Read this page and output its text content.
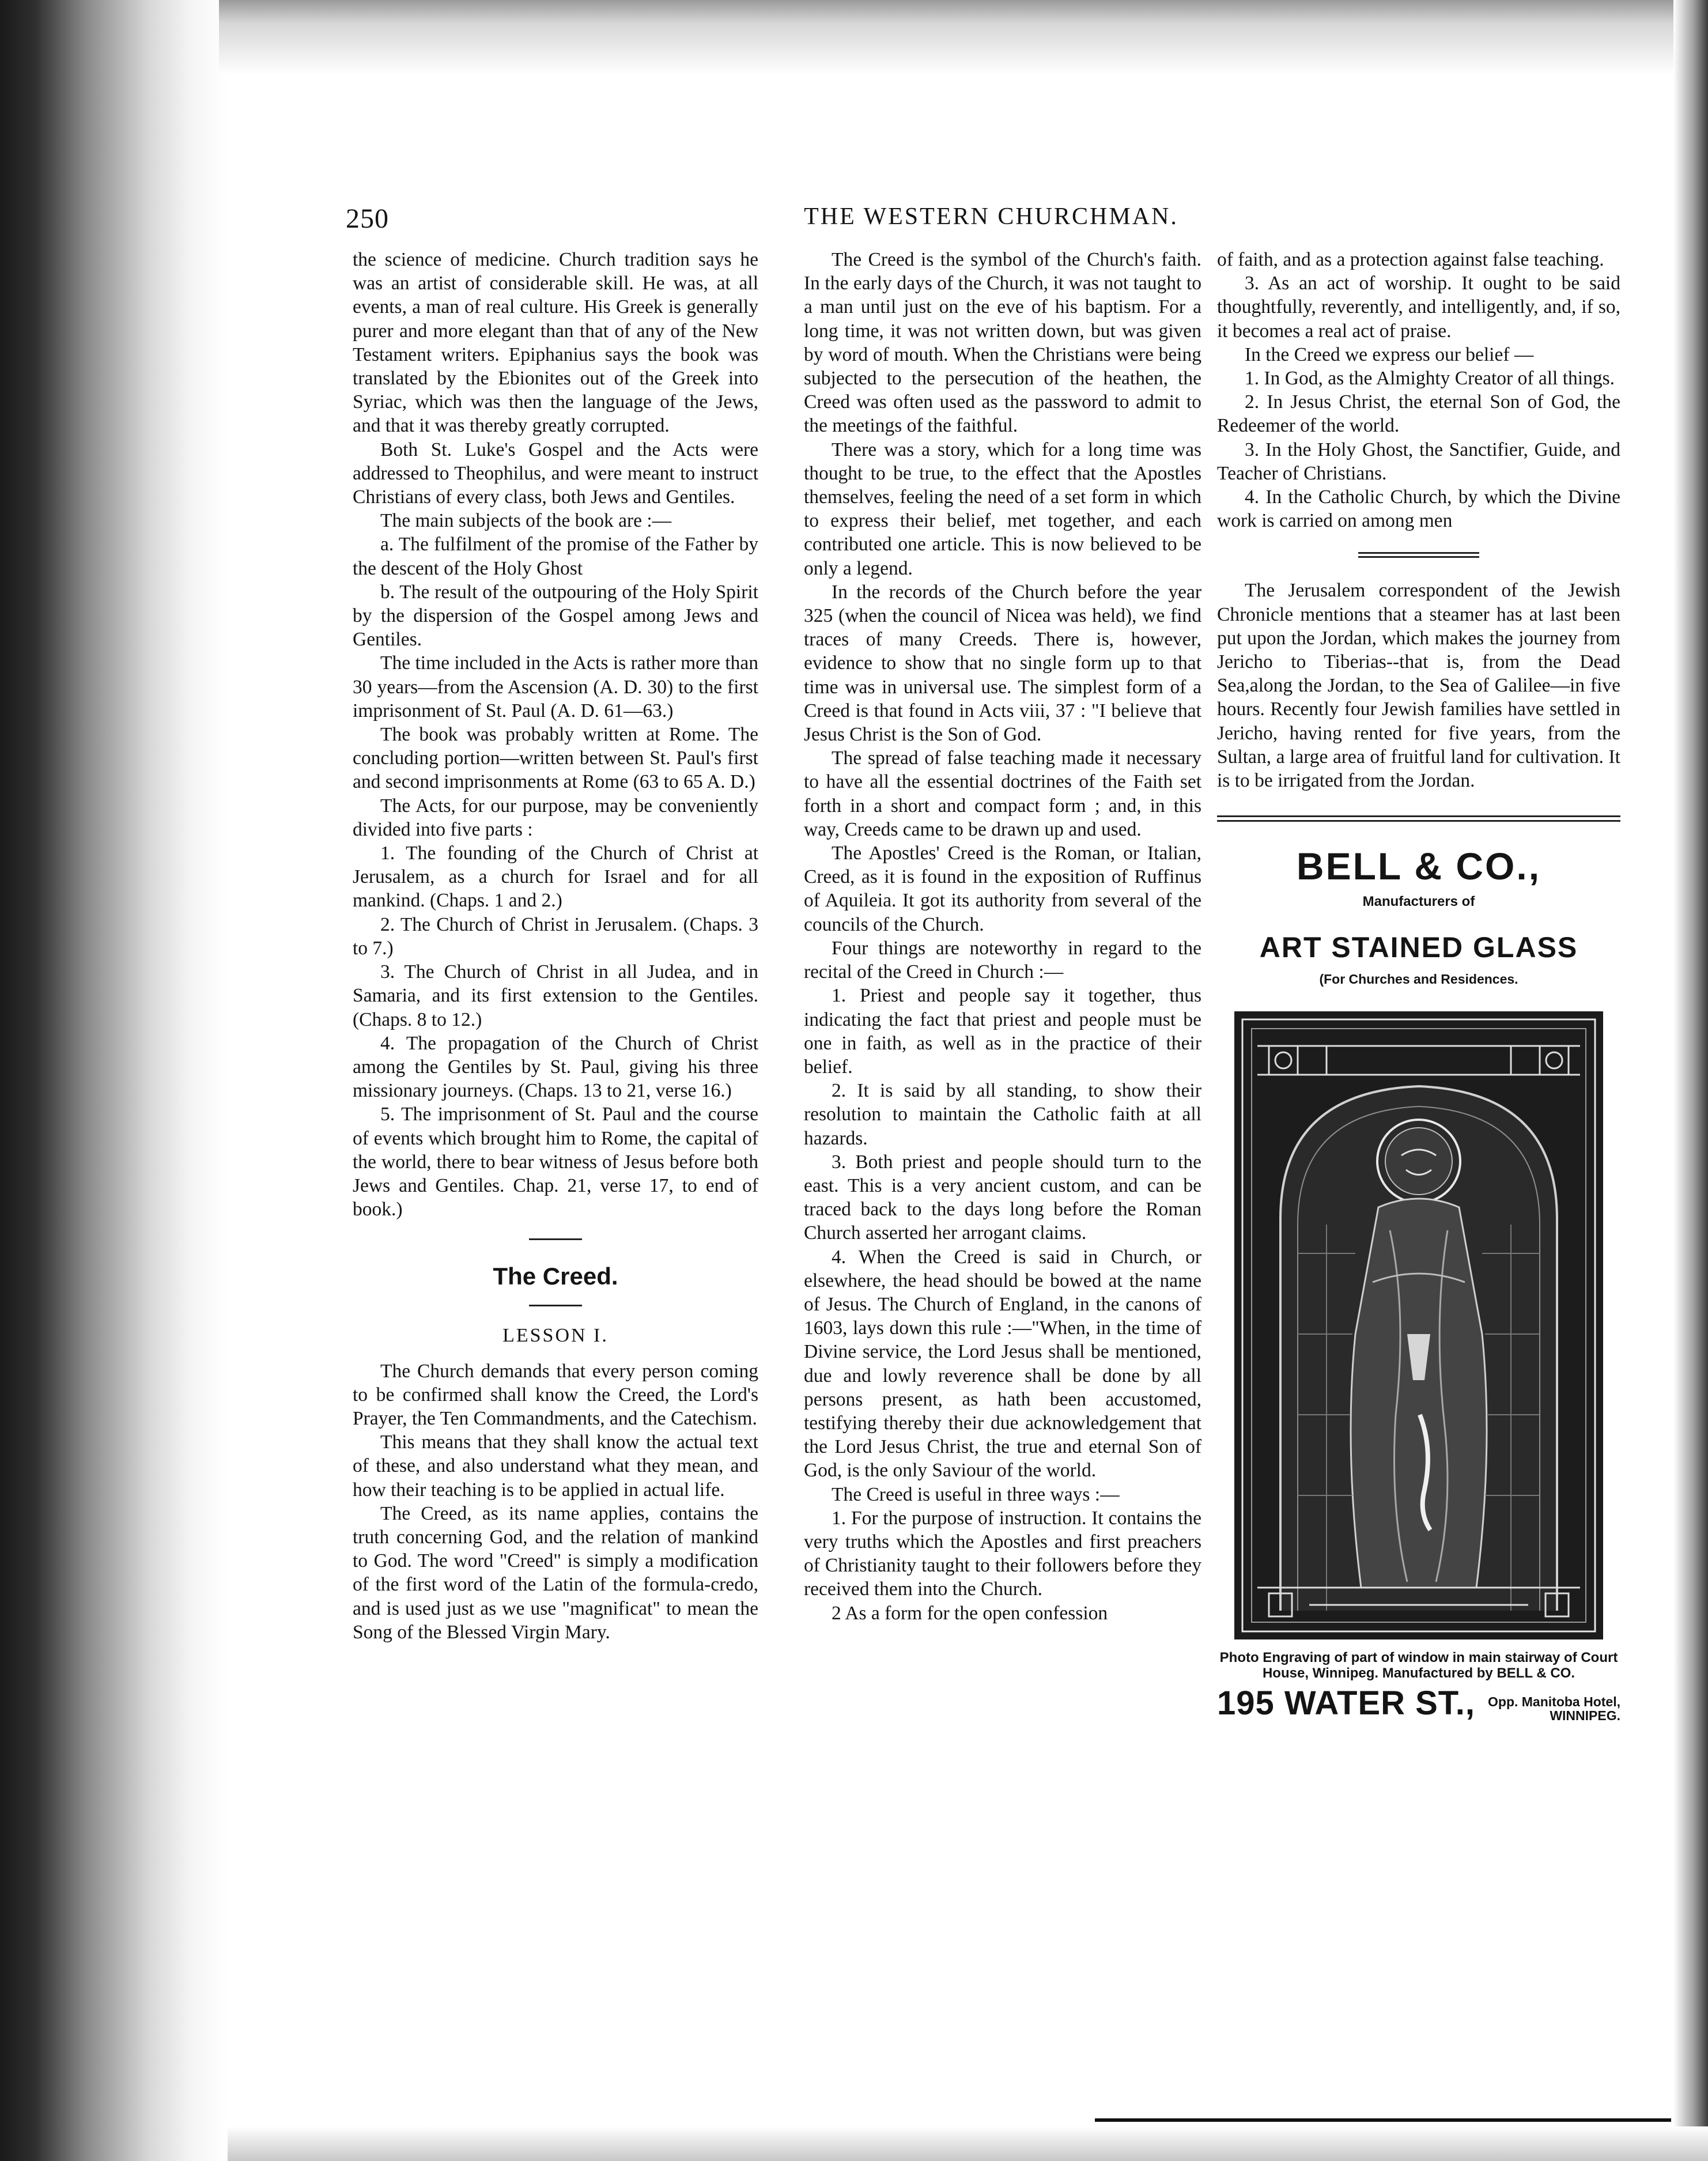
250	THE WESTERN CHURCHMAN.

the science of medicine. Church tradition says he was an artist of considerable skill. He was, at all events, a man of real culture. His Greek is generally purer and more elegant than that of any of the New Testament writers. Epiphanius says the book was translated by the Ebionites out of the Greek into Syriac, which was then the language of the Jews, and that it was thereby greatly corrupted.

Both St. Luke's Gospel and the Acts were addressed to Theophilus, and were meant to instruct Christians of every class, both Jews and Gentiles.

The main subjects of the book are :—

a. The fulfilment of the promise of the Father by the descent of the Holy Ghost

b. The result of the outpouring of the Holy Spirit by the dispersion of the Gospel among Jews and Gentiles.

The time included in the Acts is rather more than 30 years—from the Ascension (A. D. 30) to the first imprisonment of St. Paul (A. D. 61—63.)

The book was probably written at Rome. The concluding portion—written between St. Paul's first and second imprisonments at Rome (63 to 65 A. D.)

The Acts, for our purpose, may be conveniently divided into five parts :

1. The founding of the Church of Christ at Jerusalem, as a church for Israel and for all mankind. (Chaps. 1 and 2.)

2. The Church of Christ in Jerusalem. (Chaps. 3 to 7.)

3. The Church of Christ in all Judea, and in Samaria, and its first extension to the Gentiles. (Chaps. 8 to 12.)

4. The propagation of the Church of Christ among the Gentiles by St. Paul, giving his three missionary journeys. (Chaps. 13 to 21, verse 16.)

5. The imprisonment of St. Paul and the course of events which brought him to Rome, the capital of the world, there to bear witness of Jesus before both Jews and Gentiles. Chap. 21, verse 17, to end of book.)

The Creed.
LESSON I.

The Church demands that every person coming to be confirmed shall know the Creed, the Lord's Prayer, the Ten Commandments, and the Catechism.

This means that they shall know the actual text of these, and also understand what they mean, and how their teaching is to be applied in actual life.

The Creed, as its name applies, contains the truth concerning God, and the relation of mankind to God. The word "Creed" is simply a modification of the first word of the Latin of the formula-credo, and is used just as we use "magnificat" to mean the Song of the Blessed Virgin Mary.

The Creed is the symbol of the Church's faith. In the early days of the Church, it was not taught to a man until just on the eve of his baptism. For a long time, it was not written down, but was given by word of mouth. When the Christians were being subjected to the persecution of the heathen, the Creed was often used as the password to admit to the meetings of the faithful.

There was a story, which for a long time was thought to be true, to the effect that the Apostles themselves, feeling the need of a set form in which to express their belief, met together, and each contributed one article. This is now believed to be only a legend.

In the records of the Church before the year 325 (when the council of Nicea was held), we find traces of many Creeds. There is, however, evidence to show that no single form up to that time was in universal use. The simplest form of a Creed is that found in Acts viii, 37 : "I believe that Jesus Christ is the Son of God.

The spread of false teaching made it necessary to have all the essential doctrines of the Faith set forth in a short and compact form ; and, in this way, Creeds came to be drawn up and used.

The Apostles' Creed is the Roman, or Italian, Creed, as it is found in the exposition of Ruffinus of Aquileia. It got its authority from several of the councils of the Church.

Four things are noteworthy in regard to the recital of the Creed in Church :—

1. Priest and people say it together, thus indicating the fact that priest and people must be one in faith, as well as in the practice of their belief.

2. It is said by all standing, to show their resolution to maintain the Catholic faith at all hazards.

3. Both priest and people should turn to the east. This is a very ancient custom, and can be traced back to the days long before the Roman Church asserted her arrogant claims.

4. When the Creed is said in Church, or elsewhere, the head should be bowed at the name of Jesus. The Church of England, in the canons of 1603, lays down this rule :—"When, in the time of Divine service, the Lord Jesus shall be mentioned, due and lowly reverence shall be done by all persons present, as hath been accustomed, testifying thereby their due acknowledgement that the Lord Jesus Christ, the true and eternal Son of God, is the only Saviour of the world.

The Creed is useful in three ways :—

1. For the purpose of instruction. It contains the very truths which the Apostles and first preachers of Christianity taught to their followers before they received them into the Church.

2 As a form for the open confession

of faith, and as a protection against false teaching.

3. As an act of worship. It ought to be said thoughtfully, reverently, and intelligently, and, if so, it becomes a real act of praise.

In the Creed we express our belief —

1. In God, as the Almighty Creator of all things.

2. In Jesus Christ, the eternal Son of God, the Redeemer of the world.

3. In the Holy Ghost, the Sanctifier, Guide, and Teacher of Christians.

4. In the Catholic Church, by which the Divine work is carried on among men

The Jerusalem correspondent of the Jewish Chronicle mentions that a steamer has at last been put upon the Jordan, which makes the journey from Jericho to Tiberias--that is, from the Dead Sea,along the Jordan, to the Sea of Galilee—in five hours. Recently four Jewish families have settled in Jericho, having rented for five years, from the Sultan, a large area of fruitful land for cultivation. It is to be irrigated from the Jordan.

BELL & CO.,
Manufacturers of
ART STAINED GLASS
(For Churches and Residences.
Photo Engraving of part of window in main stairway of Court House, Winnipeg. Manufactured by BELL & CO.
195 WATER ST., Opp. Manitoba Hotel,
WINNIPEG.
